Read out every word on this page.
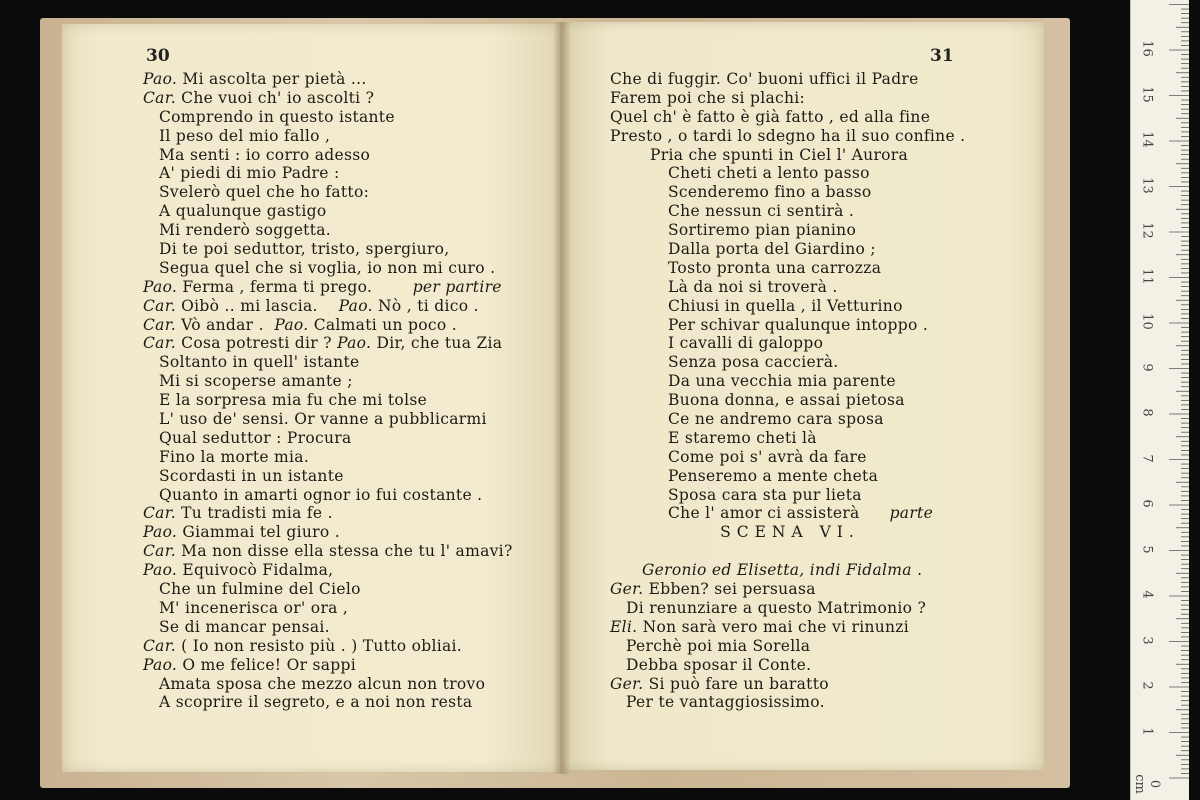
30	31
Pao. Mi ascolta per pietà ...
Car. Che vuoi ch' io ascolti ?
Comprendo in questo istante
Il peso del mio fallo ,
Ma senti : io corro adesso
A' piedi di mio Padre :
Svelerò quel che ho fatto:
A qualunque gastigo
Mi renderò soggetta.
Di te poi seduttor, tristo, spergiuro,
Segua quel che si voglia, io non mi curo .
Pao. Ferma , ferma ti prego.  per partire
Car. Oibò .. mi lascia.    Pao. Nò , ti dico .
Car. Vò andar .  Pao. Calmati un poco .
Car. Cosa potresti dir ? Pao. Dir, che tua Zia
Soltanto in quell' istante
Mi si scoperse amante ;
E la sorpresa mia fu che mi tolse
L' uso de' sensi. Or vanne a pubblicarmi
Qual seduttor : Procura
Fino la morte mia.
Scordasti in un istante
Quanto in amarti ognor io fui costante .
Car. Tu tradisti mia fe .
Pao. Giammai tel giuro .
Car. Ma non disse ella stessa che tu l' amavi?
Pao. Equivocò Fidalma,
Che un fulmine del Cielo
M' incenerisca or' ora ,
Se di mancar pensai.
Car. ( Io non resisto più . ) Tutto obliai.
Pao. O me felice! Or sappi
Amata sposa che mezzo alcun non trovo
A scoprire il segreto, e a noi non resta
Che di fuggir. Co' buoni uffici il Padre
Farem poi che si plachi:
Quel ch' è fatto è già fatto , ed alla fine
Presto , o tardi lo sdegno ha il suo confine .
Pria che spunti in Ciel l' Aurora
Cheti cheti a lento passo
Scenderemo fino a basso
Che nessun ci sentirà .
Sortiremo pian pianino
Dalla porta del Giardino ;
Tosto pronta una carrozza
Là da noi si troverà .
Chiusi in quella , il Vetturino
Per schivar qualunque intoppo .
I cavalli di galoppo
Senza posa caccierà.
Da una vecchia mia parente
Buona donna, e assai pietosa
Ce ne andremo cara sposa
E staremo cheti là
Come poi s' avrà da fare
Penseremo a mente cheta
Sposa cara sta pur lieta
Che l' amor ci assisterà parte
SCENA VI.
Geronio ed Elisetta, indi Fidalma .
Ger. Ebben? sei persuasa
Di renunziare a questo Matrimonio ?
Eli. Non sarà vero mai che vi rinunzi
Perchè poi mia Sorella
Debba sposar il Conte.
Ger. Si può fare un baratto
Per te vantaggiosissimo.
0 cm
1
2
3
4
5
6
7
8
9
10
11
12
13
14
15
16
